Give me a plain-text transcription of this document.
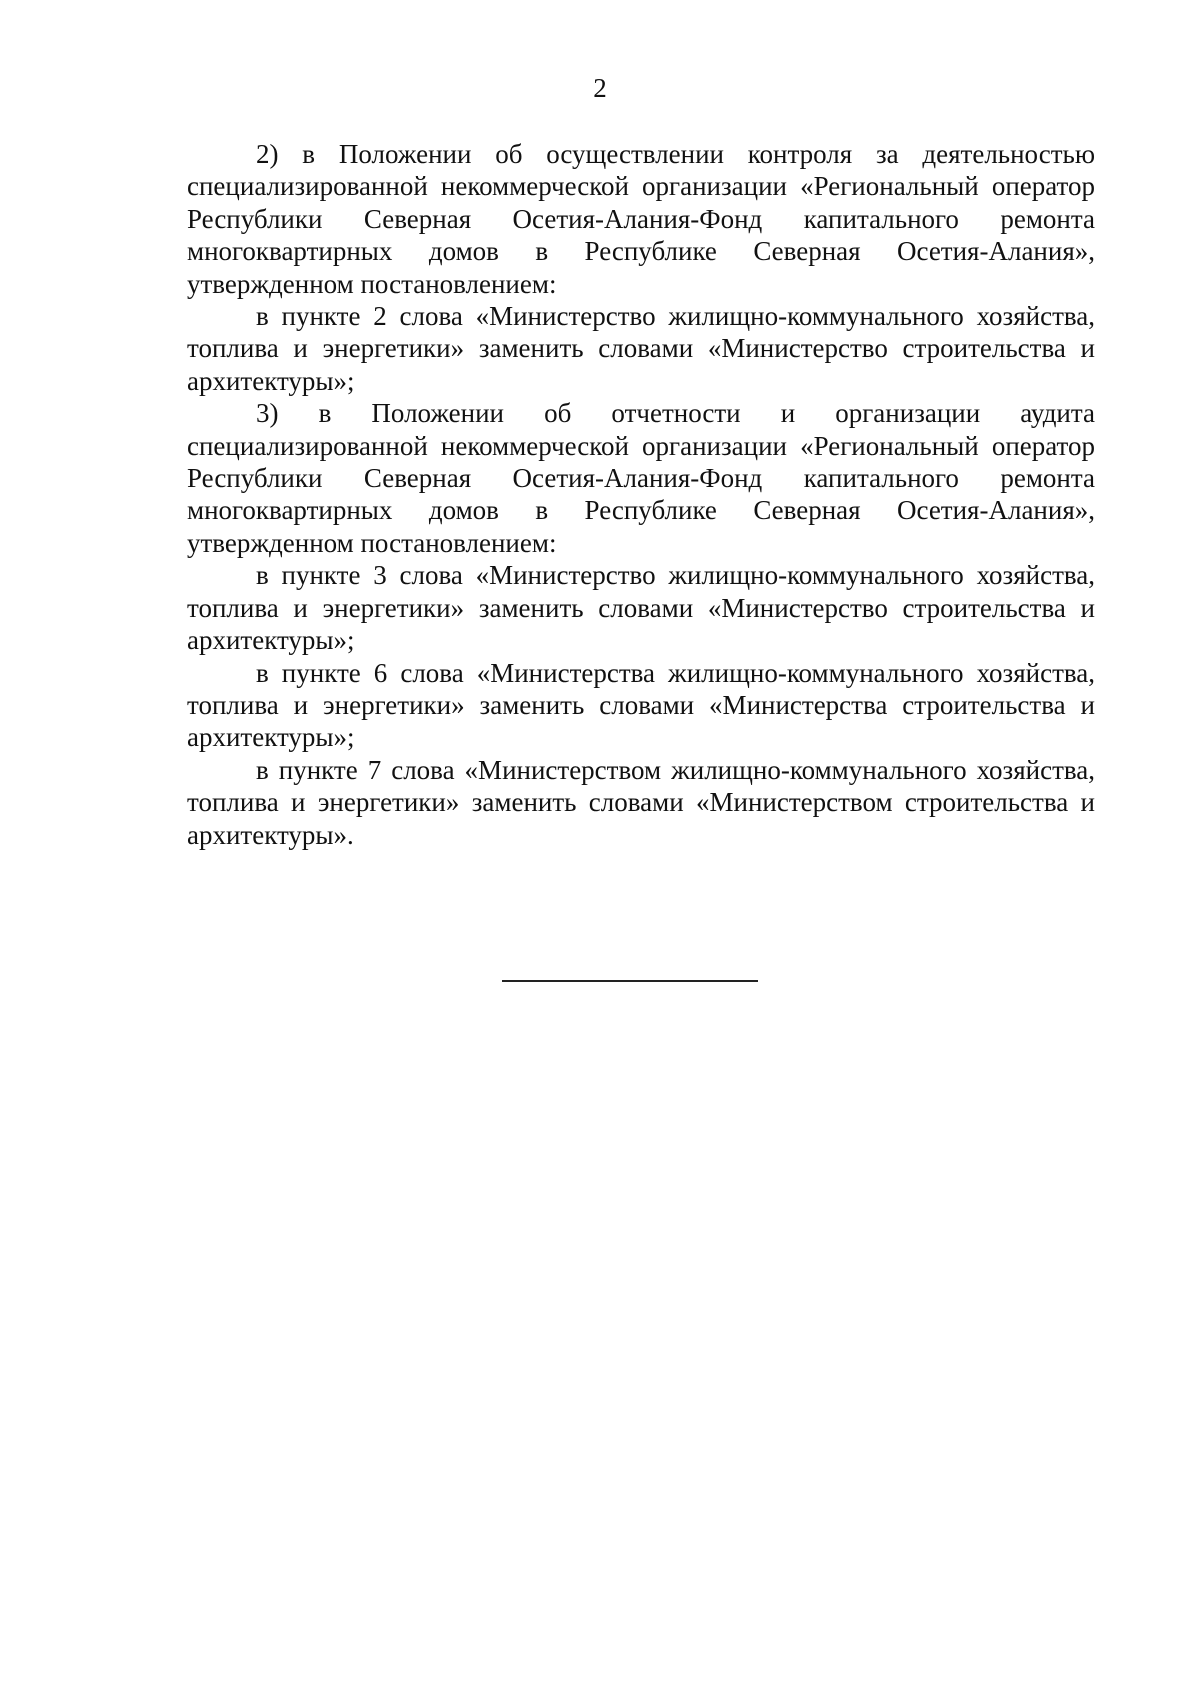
2

2) в Положении об осуществлении контроля за деятельностью специализированной некоммерческой организации «Региональный оператор Республики Северная Осетия-Алания-Фонд капитального ремонта многоквартирных домов в Республике Северная Осетия-Алания», утвержденном постановлением:

в пункте 2 слова «Министерство жилищно-коммунального хозяйства, топлива и энергетики» заменить словами «Министерство строительства и архитектуры»;

3) в Положении об отчетности и организации аудита специализированной некоммерческой организации «Региональный оператор Республики Северная Осетия-Алания-Фонд капитального ремонта многоквартирных домов в Республике Северная Осетия-Алания», утвержденном постановлением:

в пункте 3 слова «Министерство жилищно-коммунального хозяйства, топлива и энергетики» заменить словами «Министерство строительства и архитектуры»;

в пункте 6 слова «Министерства жилищно-коммунального хозяйства, топлива и энергетики» заменить словами «Министерства строительства и архитектуры»;

в пункте 7 слова «Министерством жилищно-коммунального хозяйства, топлива и энергетики» заменить словами «Министерством строительства и архитектуры».
